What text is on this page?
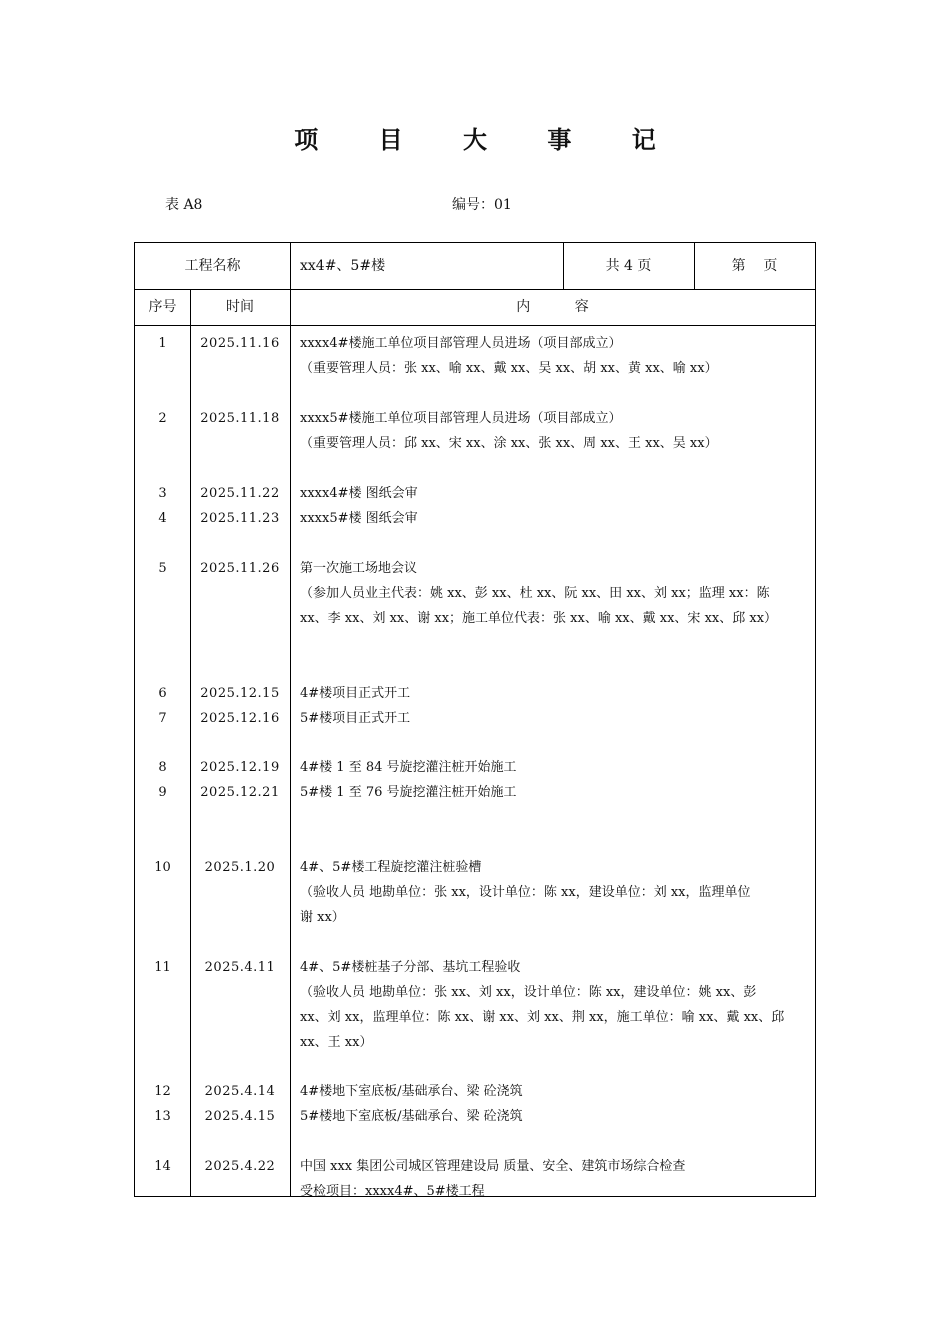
项 目 大 事 记
表 A8	编号：01
工程名称	xx4#、5#楼	共 4 页	第    页
序号	时间	内          容
1	2025.11.16	xxxx4#楼施工单位项目部管理人员进场（项目部成立）
（重要管理人员：张 xx、喻 xx、戴 xx、吴 xx、胡 xx、黄 xx、喻 xx）
2	2025.11.18	xxxx5#楼施工单位项目部管理人员进场（项目部成立）
（重要管理人员：邱 xx、宋 xx、涂 xx、张 xx、周 xx、王 xx、吴 xx）
3	2025.11.22	xxxx4#楼 图纸会审
4	2025.11.23	xxxx5#楼 图纸会审
5	2025.11.26	第一次施工场地会议
（参加人员业主代表：姚 xx、彭 xx、杜 xx、阮 xx、田 xx、刘 xx；监理 xx：陈
xx、李 xx、刘 xx、谢 xx；施工单位代表：张 xx、喻 xx、戴 xx、宋 xx、邱 xx）
6	2025.12.15	4#楼项目正式开工
7	2025.12.16	5#楼项目正式开工
8	2025.12.19	4#楼 1 至 84 号旋挖灌注桩开始施工
9	2025.12.21	5#楼 1 至 76 号旋挖灌注桩开始施工
10	2025.1.20	4#、5#楼工程旋挖灌注桩验槽
（验收人员 地勘单位：张 xx，设计单位：陈 xx，建设单位：刘 xx，监理单位
谢 xx）
11	2025.4.11	4#、5#楼桩基子分部、基坑工程验收
（验收人员 地勘单位：张 xx、刘 xx，设计单位：陈 xx，建设单位：姚 xx、彭
xx、刘 xx，监理单位：陈 xx、谢 xx、刘 xx、荆 xx，施工单位：喻 xx、戴 xx、邱
xx、王 xx）
12	2025.4.14	4#楼地下室底板/基础承台、梁 砼浇筑
13	2025.4.15	5#楼地下室底板/基础承台、梁 砼浇筑
14	2025.4.22	中国 xxx 集团公司城区管理建设局 质量、安全、建筑市场综合检查
受检项目：xxxx4#、5#楼工程
